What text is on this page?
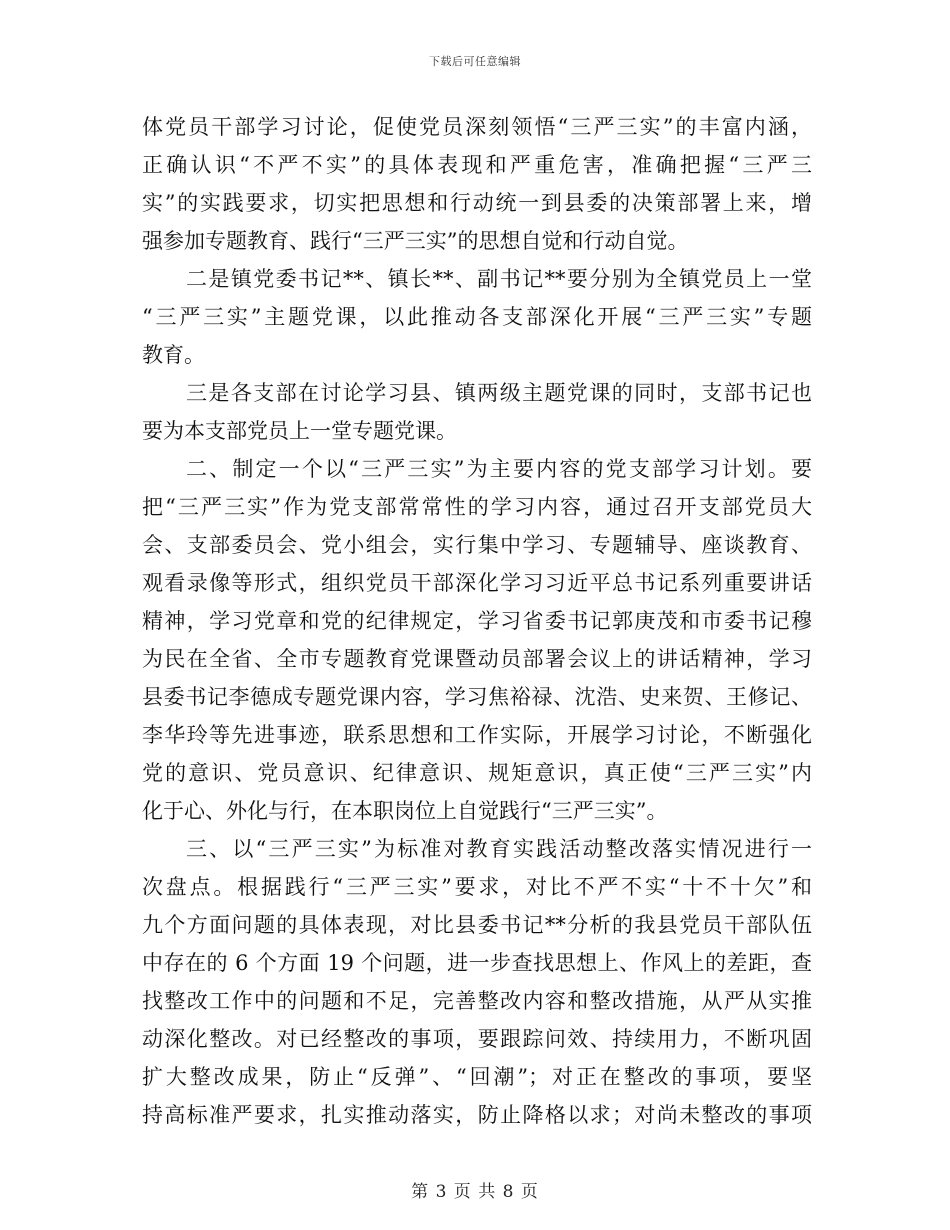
下载后可任意编辑

体党员干部学习讨论，促使党员深刻领悟“三严三实”的丰富内涵，
正确认识“不严不实”的具体表现和严重危害，准确把握“三严三
实”的实践要求，切实把思想和行动统一到县委的决策部署上来，增
强参加专题教育、践行“三严三实”的思想自觉和行动自觉。

二是镇党委书记**、镇长**、副书记**要分别为全镇党员上一堂
“三严三实”主题党课，以此推动各支部深化开展“三严三实”专题
教育。

三是各支部在讨论学习县、镇两级主题党课的同时，支部书记也
要为本支部党员上一堂专题党课。

二、制定一个以“三严三实”为主要内容的党支部学习计划。要
把“三严三实”作为党支部常常性的学习内容，通过召开支部党员大
会、支部委员会、党小组会，实行集中学习、专题辅导、座谈教育、
观看录像等形式，组织党员干部深化学习习近平总书记系列重要讲话
精神，学习党章和党的纪律规定，学习省委书记郭庚茂和市委书记穆
为民在全省、全市专题教育党课暨动员部署会议上的讲话精神，学习
县委书记李德成专题党课内容，学习焦裕禄、沈浩、史来贺、王修记、
李华玲等先进事迹，联系思想和工作实际，开展学习讨论，不断强化
党的意识、党员意识、纪律意识、规矩意识，真正使“三严三实”内
化于心、外化与行，在本职岗位上自觉践行“三严三实”。

三、以“三严三实”为标准对教育实践活动整改落实情况进行一
次盘点。根据践行“三严三实”要求，对比不严不实“十不十欠”和
九个方面问题的具体表现，对比县委书记**分析的我县党员干部队伍
中存在的 6 个方面 19 个问题，进一步查找思想上、作风上的差距，查
找整改工作中的问题和不足，完善整改内容和整改措施，从严从实推
动深化整改。对已经整改的事项，要跟踪问效、持续用力，不断巩固
扩大整改成果，防止“反弹”、“回潮”；对正在整改的事项，要坚
持高标准严要求，扎实推动落实，防止降格以求；对尚未整改的事项

第 3 页 共 8 页
